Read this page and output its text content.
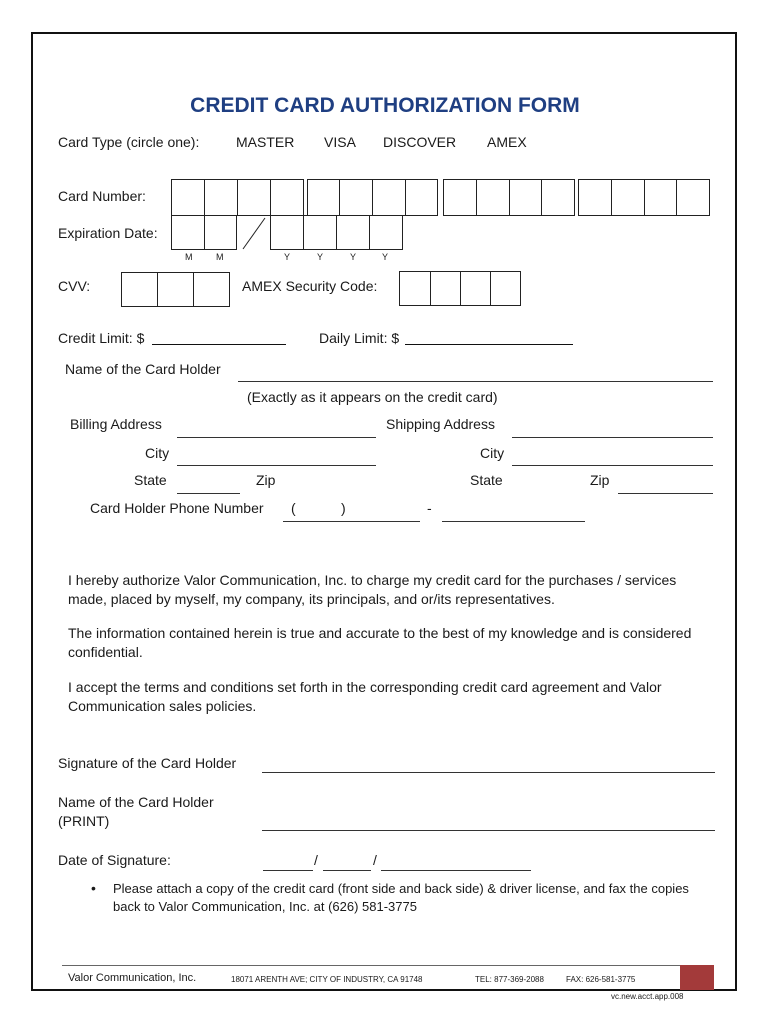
CREDIT CARD AUTHORIZATION FORM
Card Type (circle one):	MASTER VISA DISCOVER AMEX
Card Number:
Expiration Date:
M	M	Y	Y	Y	Y
CVV:	AMEX Security Code:
Credit Limit: $	Daily Limit: $
Name of the Card Holder
(Exactly as it appears on the credit card)
Billing Address	Shipping Address
City	City
State	Zip	State	Zip
Card Holder Phone Number (	)	-
I hereby authorize Valor Communication, Inc. to charge my credit card for the purchases / services made, placed by myself, my company, its principals, and or/its representatives.
The information contained herein is true and accurate to the best of my knowledge and is considered confidential.
I accept the terms and conditions set forth in the corresponding credit card agreement and Valor Communication sales policies.
Signature of the Card Holder
Name of the Card Holder
(PRINT)
Date of Signature:	/	/
• Please attach a copy of the credit card (front side and back side) & driver license, and fax the copies back to Valor Communication, Inc. at (626) 581-3775
Valor Communication, Inc.	18071 ARENTH AVE; CITY OF INDUSTRY, CA 91748	TEL: 877-369-2088	FAX: 626-581-3775
vc.new.acct.app.008
